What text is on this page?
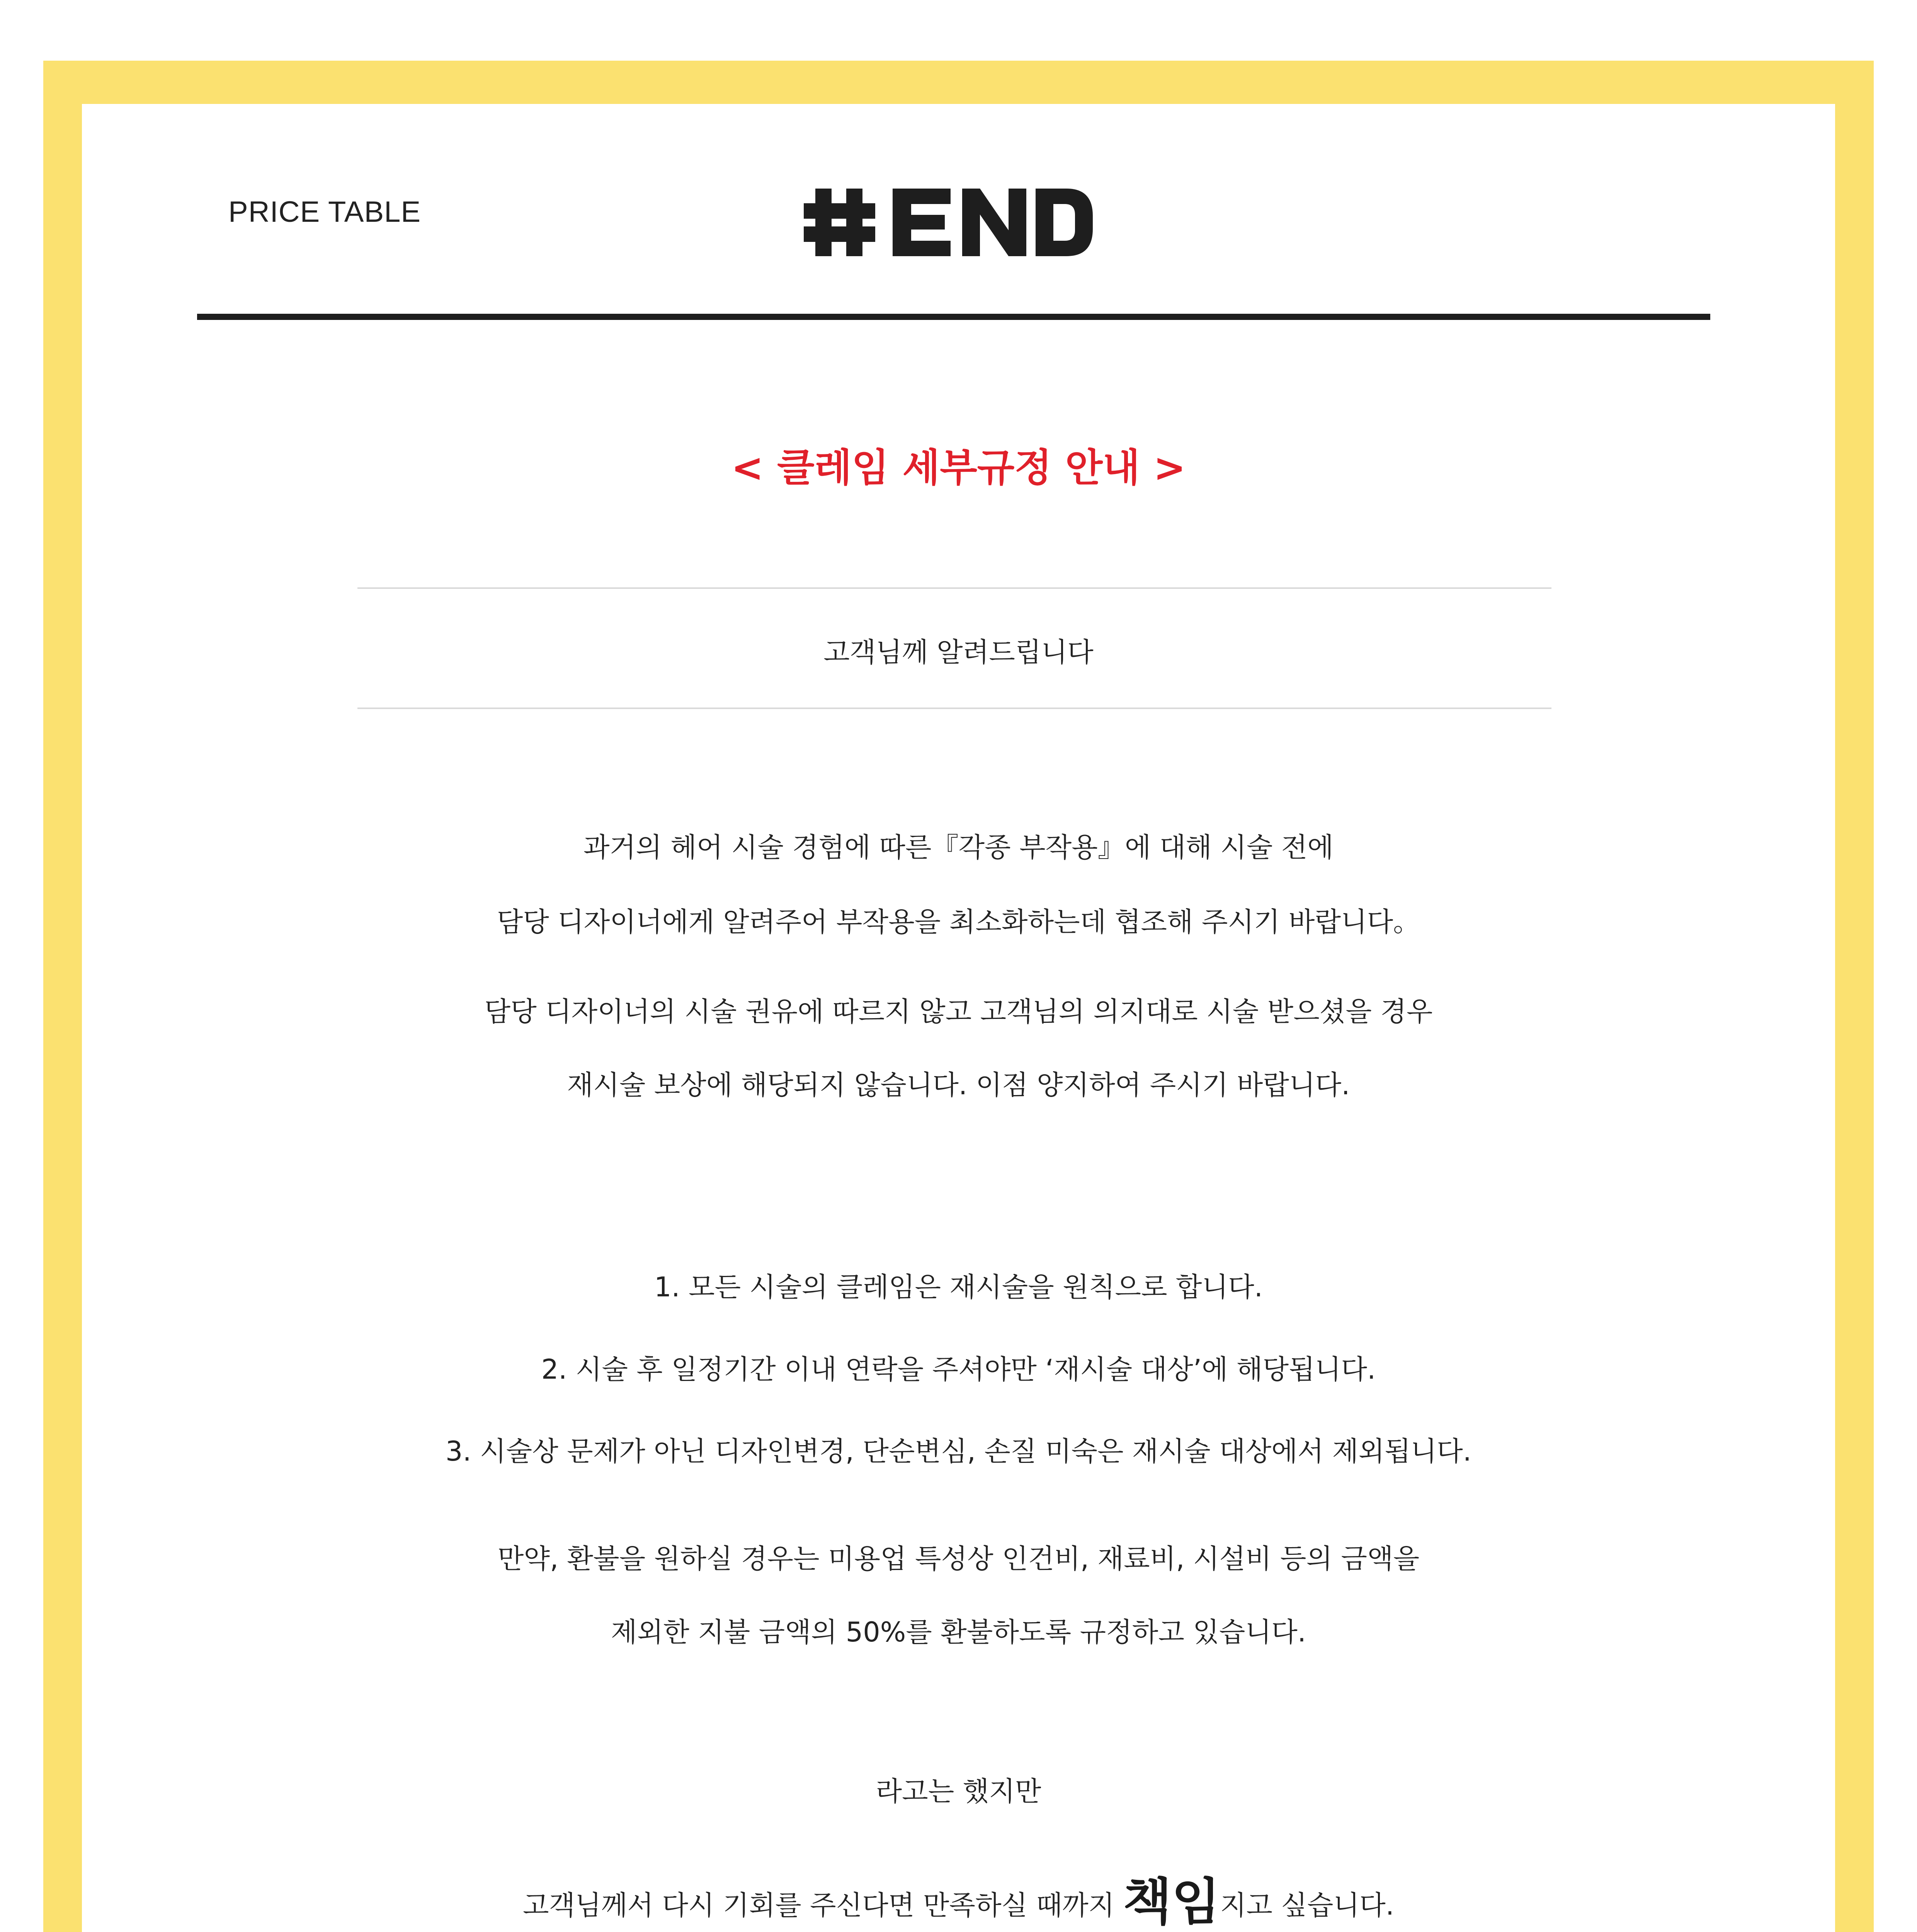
PRICE TABLE
< 클레임 세부규정 안내 >
고객님께 알려드립니다
과거의 헤어 시술 경험에 따른『각종 부작용』에 대해 시술 전에
담당 디자이너에게 알려주어 부작용을 최소화하는데 협조해 주시기 바랍니다。
담당 디자이너의 시술 권유에 따르지 않고 고객님의 의지대로 시술 받으셨을 경우
재시술 보상에 해당되지 않습니다. 이점 양지하여 주시기 바랍니다.
1. 모든 시술의 클레임은 재시술을 원칙으로 합니다.
2. 시술 후 일정기간 이내 연락을 주셔야만 ‘재시술 대상’에 해당됩니다.
3. 시술상 문제가 아닌 디자인변경, 단순변심, 손질 미숙은 재시술 대상에서 제외됩니다.
만약, 환불을 원하실 경우는 미용업 특성상 인건비, 재료비, 시설비 등의 금액을
제외한 지불 금액의 50%를 환불하도록 규정하고 있습니다.
라고는 했지만
고객님께서 다시 기회를 주신다면 만족하실 때까지 책임지고 싶습니다.
